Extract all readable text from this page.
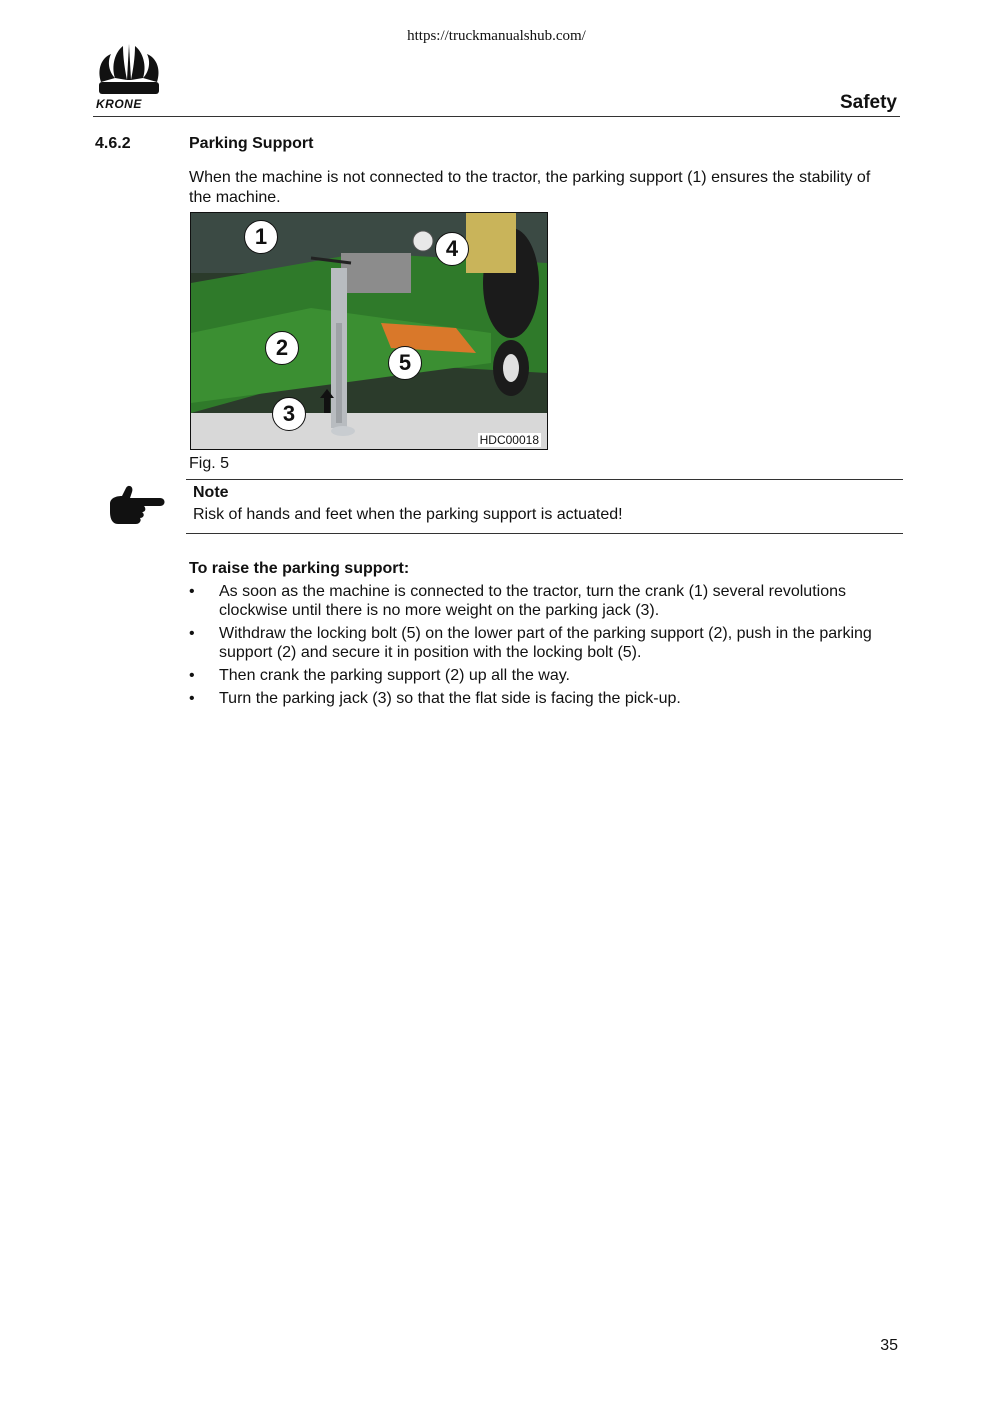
https://truckmanualshub.com/
KRONE	Safety
4.6.2	Parking Support
When the machine is not connected to the tractor, the parking support (1) ensures the stability of the machine.
1	4
2
5
3
HDC00018
Fig. 5
Note
Risk of hands and feet when the parking support is actuated!
To raise the parking support:
• As soon as the machine is connected to the tractor, turn the crank (1) several revolutions clockwise until there is no more weight on the parking jack (3).
• Withdraw the locking bolt (5) on the lower part of the parking support (2), push in the parking support (2) and secure it in position with the locking bolt (5).
• Then crank the parking support (2) up all the way.
• Turn the parking jack (3) so that the flat side is facing the pick-up.
35
